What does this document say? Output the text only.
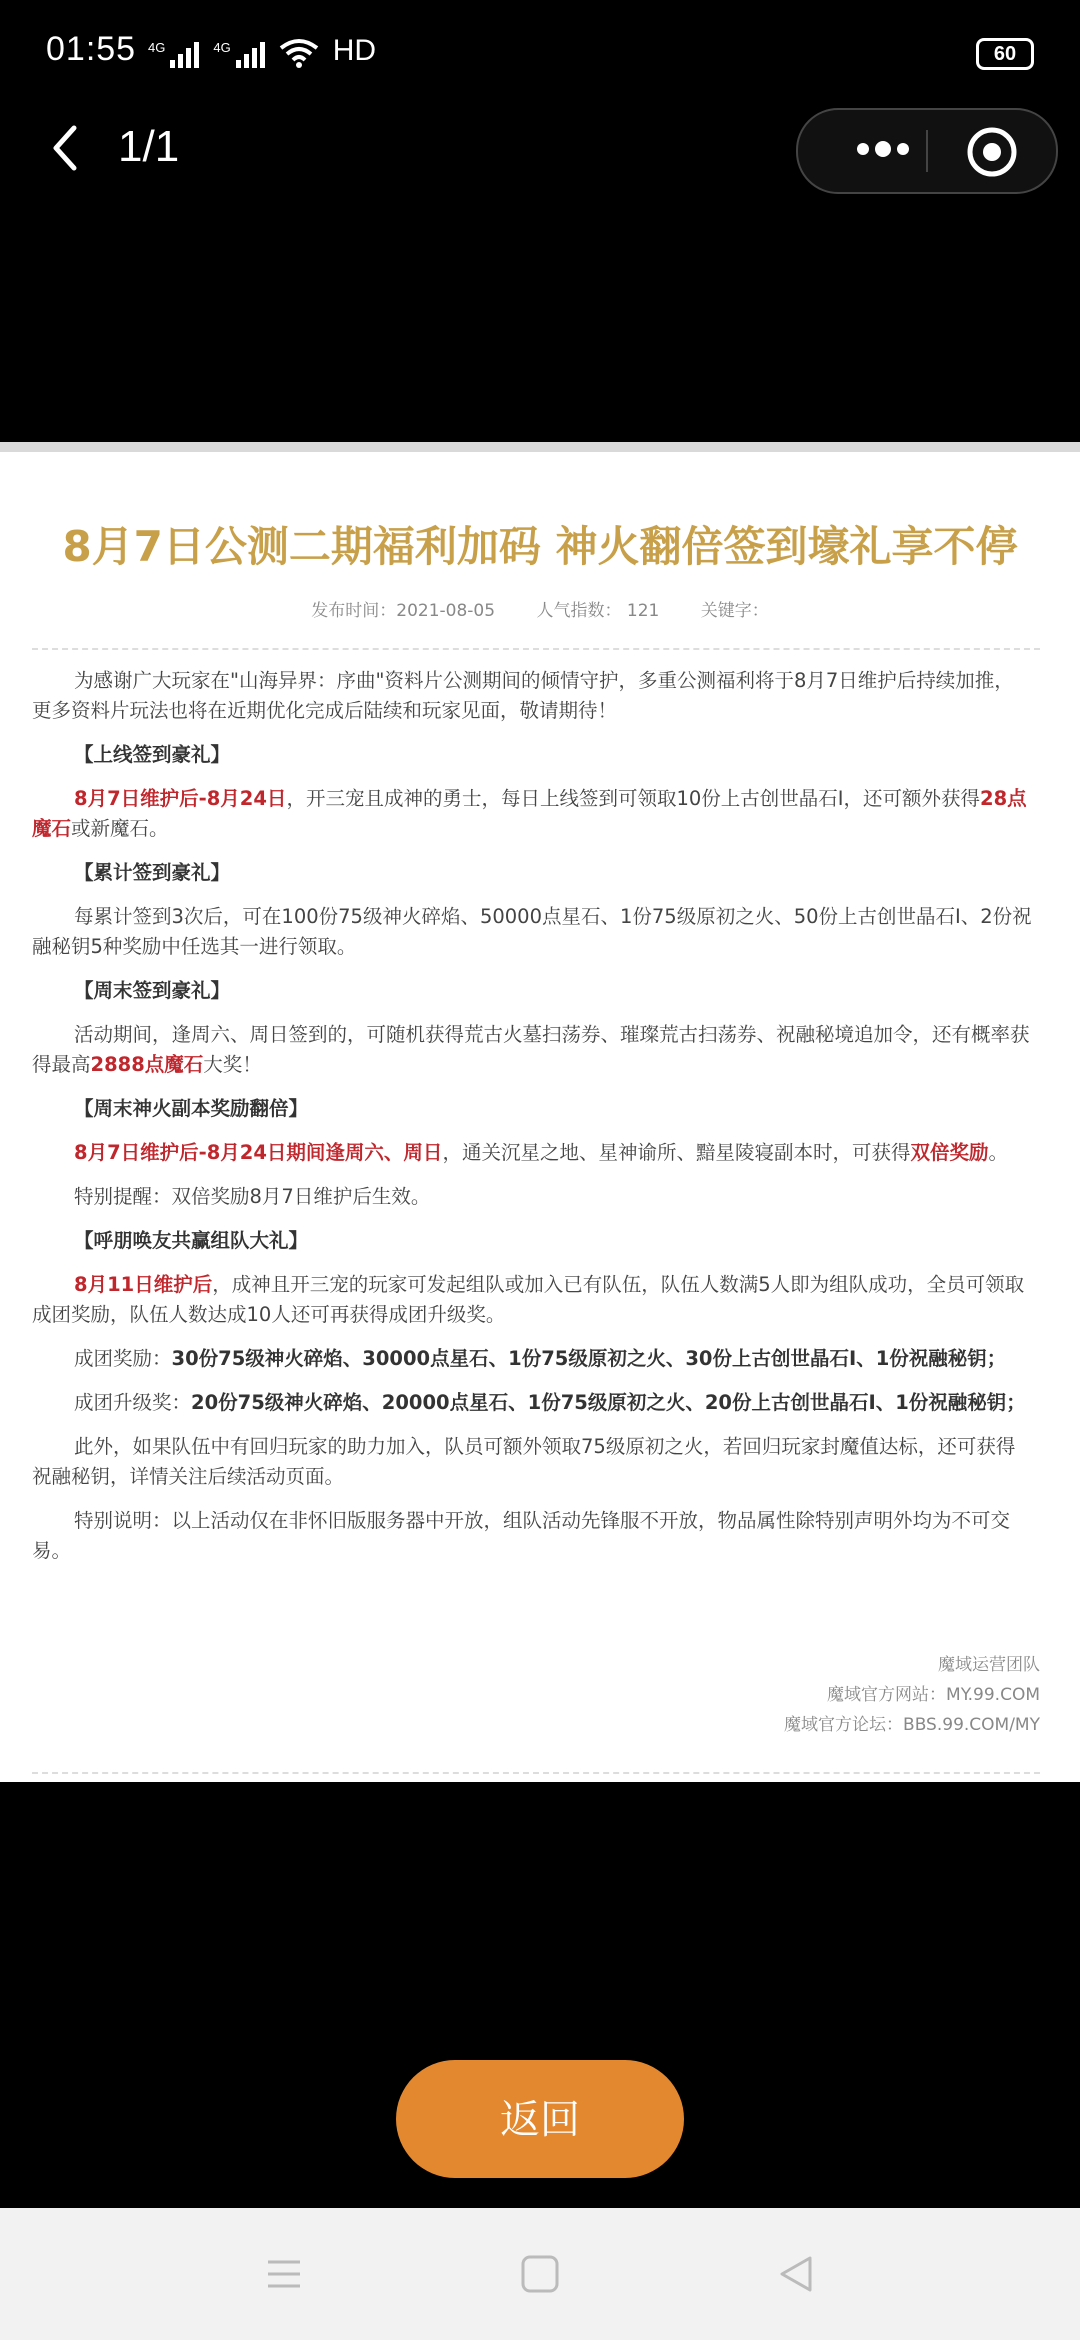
01:55 4G	4G	HD	60
1/1
8月7日公测二期福利加码 神火翻倍签到壕礼享不停
发布时间：2021-08-05 人气指数： 121 关键字：

为感谢广大玩家在"山海异界：序曲"资料片公测期间的倾情守护，多重公测福利将于8月7日维护后持续加推，更多资料片玩法也将在近期优化完成后陆续和玩家见面，敬请期待！

【上线签到豪礼】

8月7日维护后-8月24日，开三宠且成神的勇士，每日上线签到可领取10份上古创世晶石I，还可额外获得28点魔石或新魔石。

【累计签到豪礼】

每累计签到3次后，可在100份75级神火碎焰、50000点星石、1份75级原初之火、50份上古创世晶石I、2份祝融秘钥5种奖励中任选其一进行领取。

【周末签到豪礼】

活动期间，逢周六、周日签到的，可随机获得荒古火墓扫荡券、璀璨荒古扫荡券、祝融秘境追加令，还有概率获得最高2888点魔石大奖！

【周末神火副本奖励翻倍】

8月7日维护后-8月24日期间逢周六、周日，通关沉星之地、星神谕所、黯星陵寝副本时，可获得双倍奖励。

特别提醒：双倍奖励8月7日维护后生效。

【呼朋唤友共赢组队大礼】

8月11日维护后，成神且开三宠的玩家可发起组队或加入已有队伍，队伍人数满5人即为组队成功，全员可领取成团奖励，队伍人数达成10人还可再获得成团升级奖。

成团奖励：30份75级神火碎焰、30000点星石、1份75级原初之火、30份上古创世晶石I、1份祝融秘钥；

成团升级奖：20份75级神火碎焰、20000点星石、1份75级原初之火、20份上古创世晶石I、1份祝融秘钥；

此外，如果队伍中有回归玩家的助力加入，队员可额外领取75级原初之火，若回归玩家封魔值达标，还可获得祝融秘钥，详情关注后续活动页面。

特别说明：以上活动仅在非怀旧版服务器中开放，组队活动先锋服不开放，物品属性除特别声明外均为不可交易。

魔域运营团队
魔域官方网站：MY.99.COM
魔域官方论坛：BBS.99.COM/MY
返回
